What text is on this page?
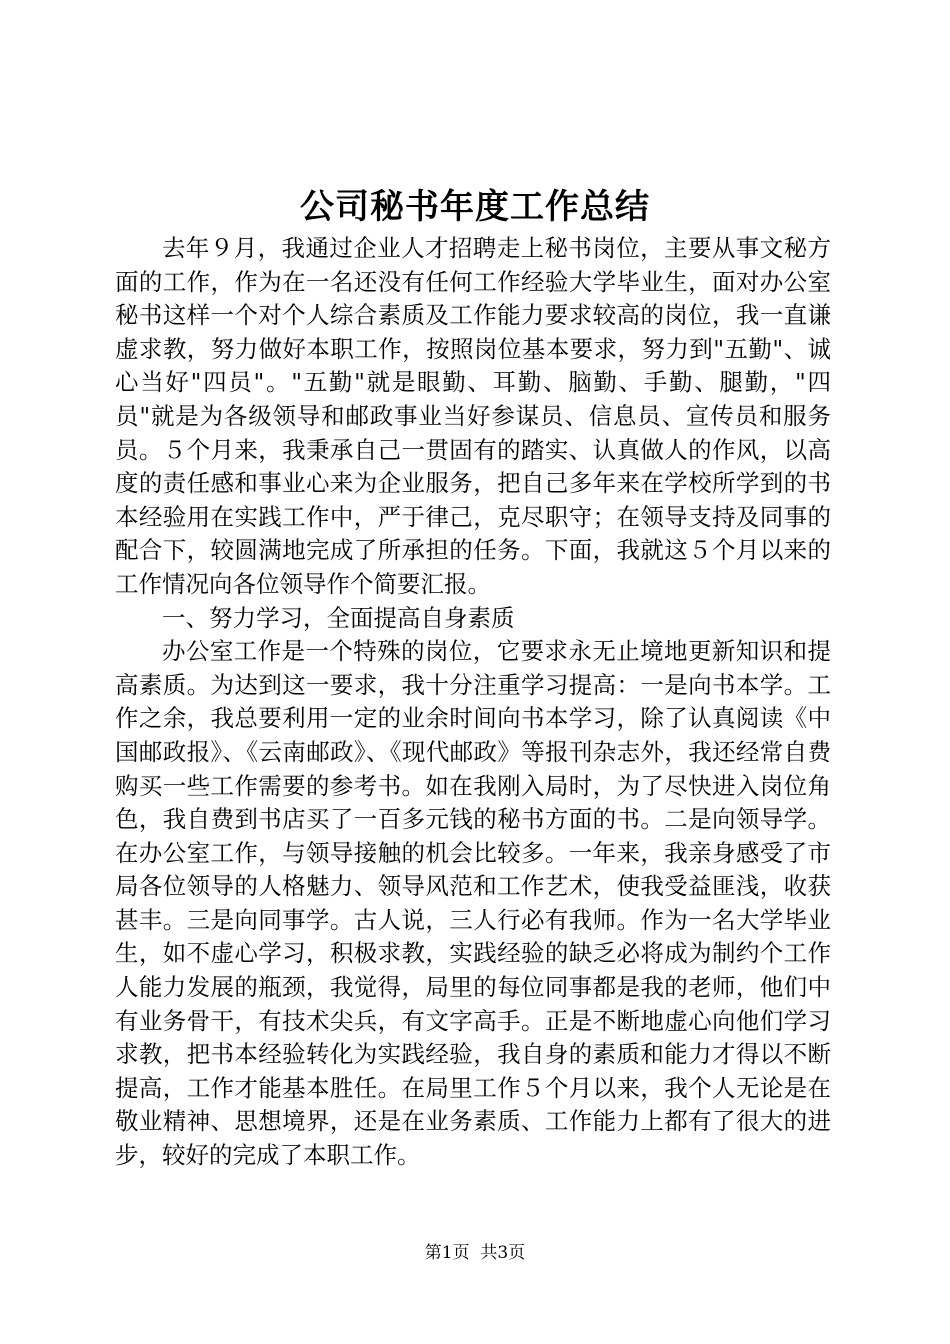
公司秘书年度工作总结

去年９月，我通过企业人才招聘走上秘书岗位，主要从事文秘方面的工作，作为在一名还没有任何工作经验大学毕业生，面对办公室秘书这样一个对个人综合素质及工作能力要求较高的岗位，我一直谦虚求教，努力做好本职工作，按照岗位基本要求，努力到"五勤"、诚心当好"四员"。"五勤"就是眼勤、耳勤、脑勤、手勤、腿勤，"四员"就是为各级领导和邮政事业当好参谋员、信息员、宣传员和服务员。５个月来，我秉承自己一贯固有的踏实、认真做人的作风，以高度的责任感和事业心来为企业服务，把自己多年来在学校所学到的书本经验用在实践工作中，严于律己，克尽职守；在领导支持及同事的配合下，较圆满地完成了所承担的任务。下面，我就这５个月以来的工作情况向各位领导作个简要汇报。

一、努力学习，全面提高自身素质

办公室工作是一个特殊的岗位，它要求永无止境地更新知识和提高素质。为达到这一要求，我十分注重学习提高：一是向书本学。工作之余，我总要利用一定的业余时间向书本学习，除了认真阅读《中国邮政报》、《云南邮政》、《现代邮政》等报刊杂志外，我还经常自费购买一些工作需要的参考书。如在我刚入局时，为了尽快进入岗位角色，我自费到书店买了一百多元钱的秘书方面的书。二是向领导学。在办公室工作，与领导接触的机会比较多。一年来，我亲身感受了市局各位领导的人格魅力、领导风范和工作艺术，使我受益匪浅，收获甚丰。三是向同事学。古人说，三人行必有我师。作为一名大学毕业生，如不虚心学习，积极求教，实践经验的缺乏必将成为制约个工作人能力发展的瓶颈，我觉得，局里的每位同事都是我的老师，他们中有业务骨干，有技术尖兵，有文字高手。正是不断地虚心向他们学习求教，把书本经验转化为实践经验，我自身的素质和能力才得以不断提高，工作才能基本胜任。在局里工作５个月以来，我个人无论是在敬业精神、思想境界，还是在业务素质、工作能力上都有了很大的进步，较好的完成了本职工作。

第1页 共3页
